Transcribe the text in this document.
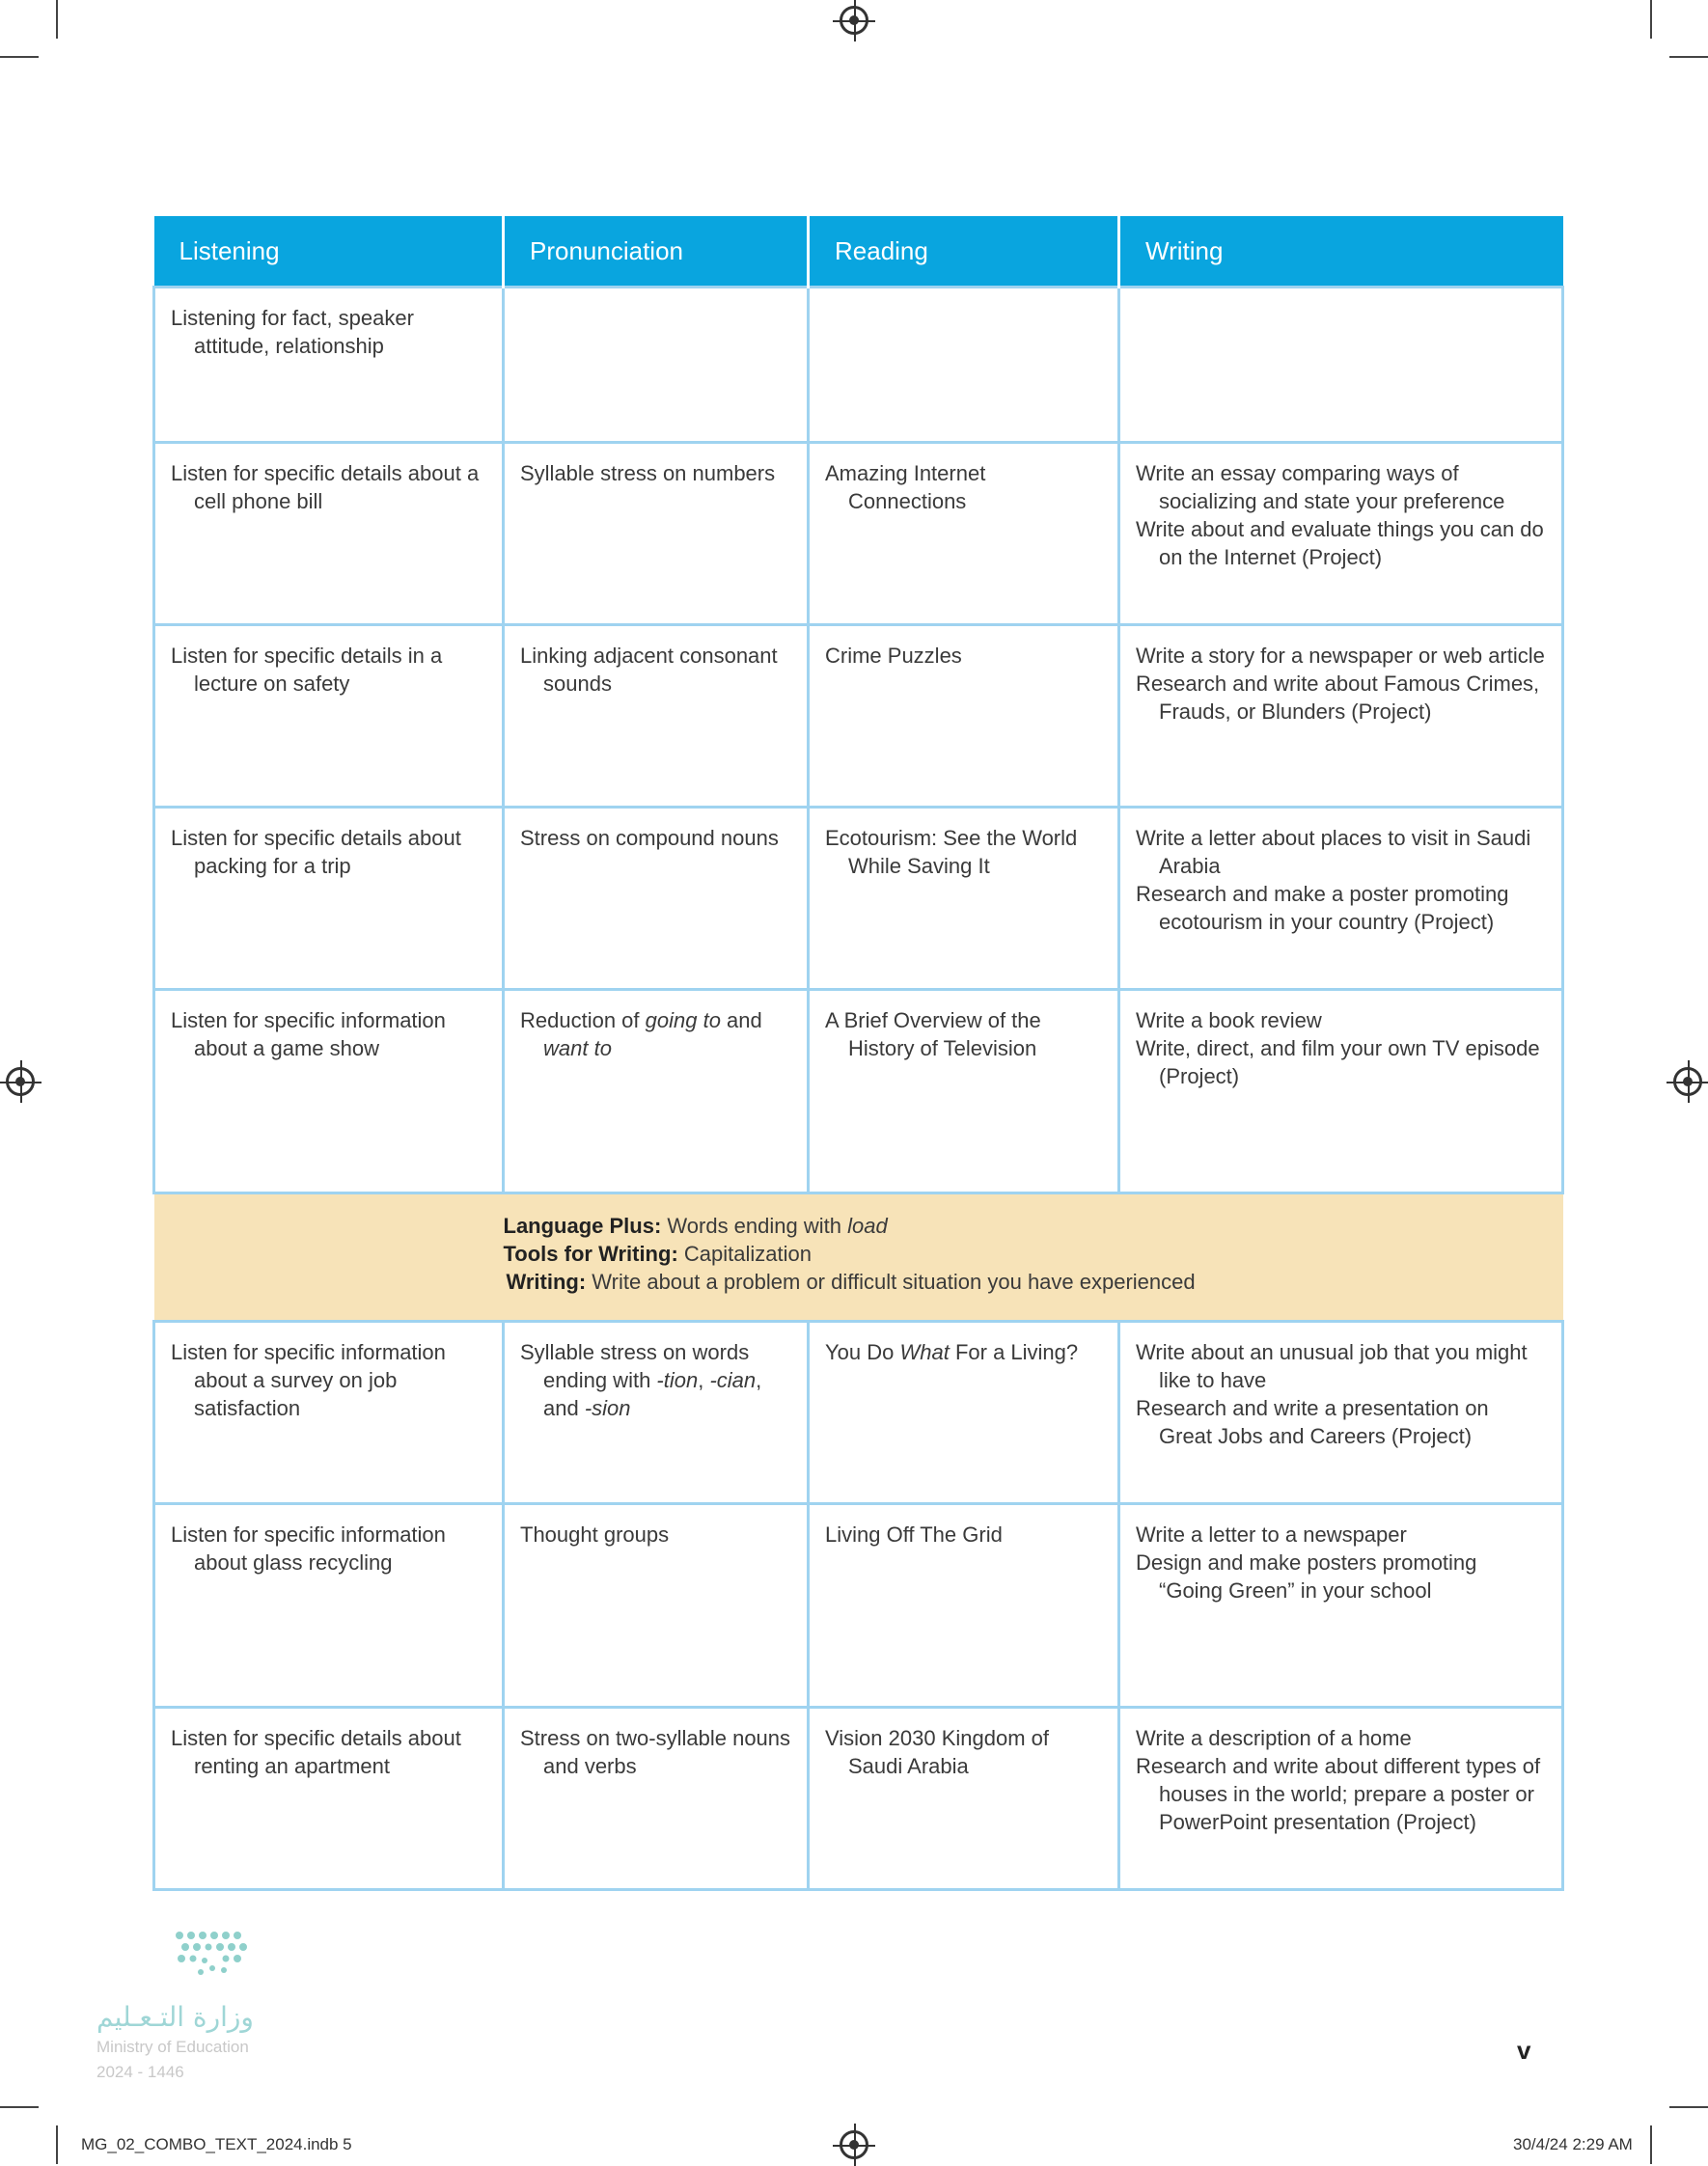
Listening	Pronunciation	Reading	Writing

Listening for fact, speaker attitude, relationship			

Listen for specific details about a cell phone bill	Syllable stress on numbers	Amazing Internet Connections	Write an essay comparing ways of socializing and state your preference
Write about and evaluate things you can do on the Internet (Project)

Listen for specific details in a lecture on safety	Linking adjacent consonant sounds	Crime Puzzles	Write a story for a newspaper or web article
Research and write about Famous Crimes, Frauds, or Blunders (Project)

Listen for specific details about packing for a trip	Stress on compound nouns	Ecotourism: See the World While Saving It	Write a letter about places to visit in Saudi Arabia
Research and make a poster promoting ecotourism in your country (Project)

Listen for specific information about a game show	Reduction of going to and want to	A Brief Overview of the History of Television	Write a book review
Write, direct, and film your own TV episode (Project)

Language Plus: Words ending with load
Tools for Writing: Capitalization
Writing: Write about a problem or difficult situation you have experienced			

Listen for specific information about a survey on job satisfaction	Syllable stress on words ending with -tion, -cian, and -sion	You Do What For a Living?	Write about an unusual job that you might like to have
Research and write a presentation on Great Jobs and Careers (Project)

Listen for specific information about glass recycling	Thought groups	Living Off The Grid	Write a letter to a newspaper
Design and make posters promoting “Going Green” in your school

Listen for specific details about renting an apartment	Stress on two-syllable nouns and verbs	Vision 2030 Kingdom of Saudi Arabia	Write a description of a home
Research and write about different types of houses in the world; prepare a poster or PowerPoint presentation (Project)
وزارة التـعـليم
Ministry of Education
2024 - 1446
v
MG_02_COMBO_TEXT_2024.indb 5	30/4/24 2:29 AM
